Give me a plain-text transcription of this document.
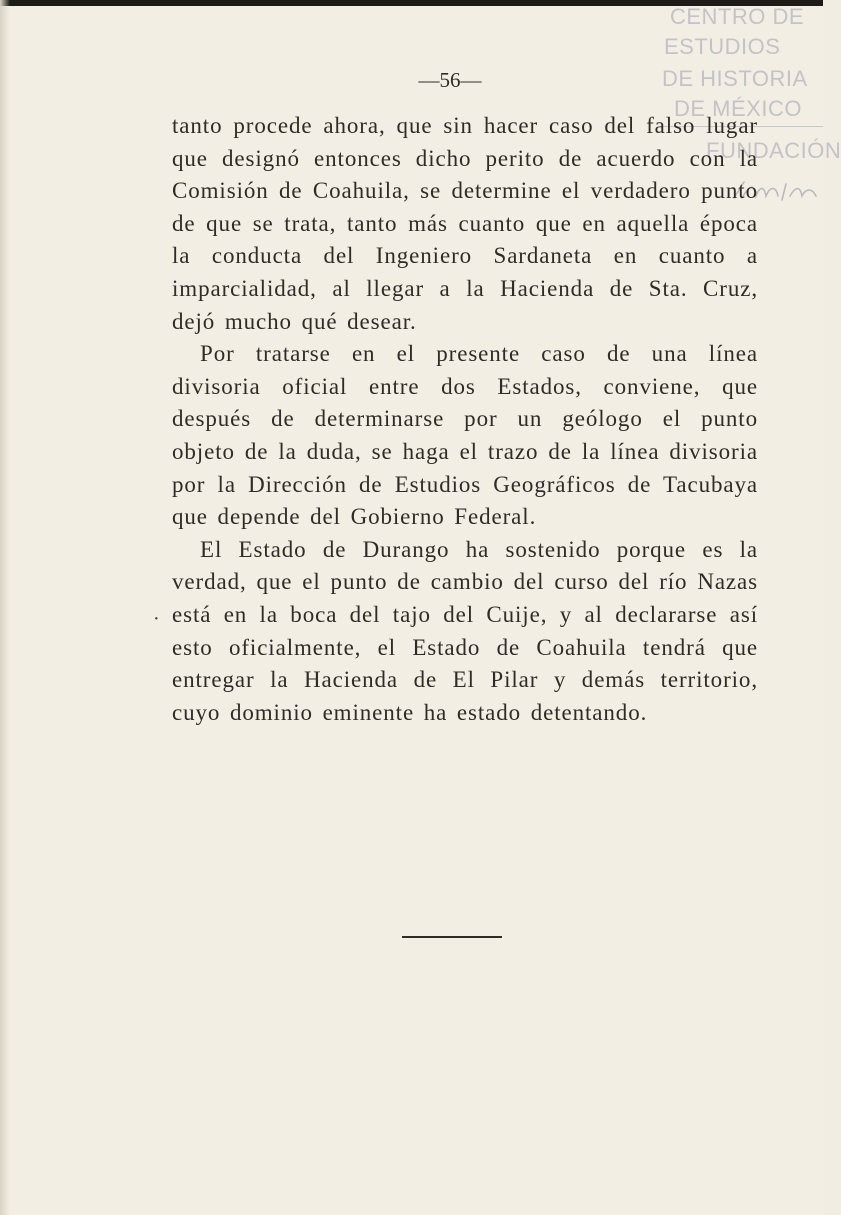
CENTRO DE
ESTUDIOS
DE HISTORIA
DE MÉXICO
FUNDACIÓN
—56—

tanto procede ahora, que sin hacer caso del falso lugar que designó entonces dicho perito de acuerdo con la Comisión de Coahuila, se determine el verdadero punto de que se trata, tanto más cuanto que en aquella época la conducta del Ingeniero Sardaneta en cuanto a imparcialidad, al llegar a la Hacienda de Sta. Cruz, dejó mucho qué desear.

Por tratarse en el presente caso de una línea divisoria oficial entre dos Estados, conviene, que después de determinarse por un geólogo el punto objeto de la duda, se haga el trazo de la línea divisoria por la Dirección de Estudios Geográficos de Tacubaya que depende del Gobierno Federal.

El Estado de Durango ha sostenido porque es la verdad, que el punto de cambio del curso del río Nazas está en la boca del tajo del Cuije, y al declararse así esto oficialmente, el Estado de Coahuila tendrá que entregar la Hacienda de El Pilar y demás territorio, cuyo dominio eminente ha estado detentando.

·
